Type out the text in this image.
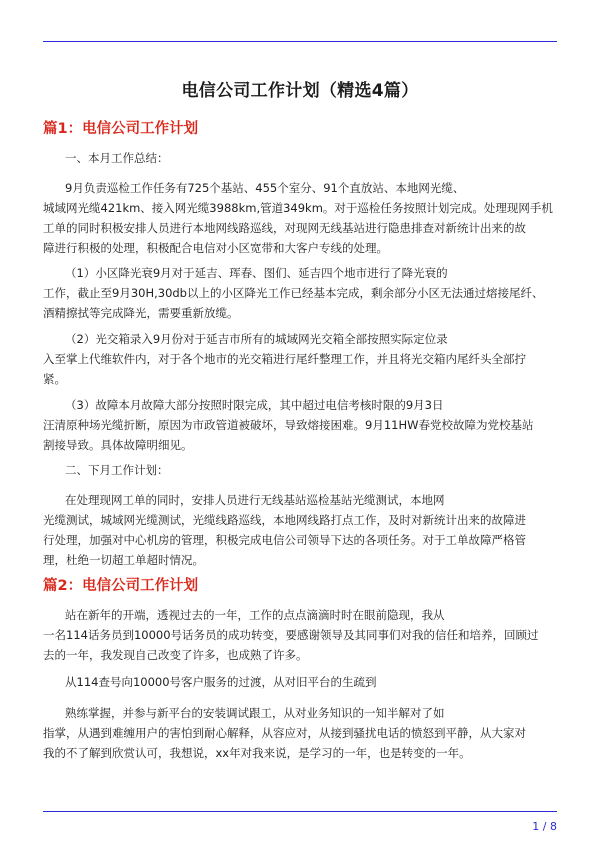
电信公司工作计划（精选4篇）
篇1：电信公司工作计划
一、本月工作总结：
9月负责巡检工作任务有725个基站、455个室分、91个直放站、本地网光缆、
城域网光缆421km、接入网光缆3988km,管道349km。对于巡检任务按照计划完成。处理现网手机
工单的同时积极安排人员进行本地网线路巡线，对现网无线基站进行隐患排查对新统计出来的故
障进行积极的处理，积极配合电信对小区宽带和大客户专线的处理。
（1）小区降光衰9月对于延吉、珲春、图们、延吉四个地市进行了降光衰的
工作，截止至9月30H,30db以上的小区降光工作已经基本完成，剩余部分小区无法通过熔接尾纤、
酒精擦拭等完成降光，需要重新放缆。
（2）光交箱录入9月份对于延吉市所有的城域网光交箱全部按照实际定位录
入至掌上代维软件内，对于各个地市的光交箱进行尾纤整理工作，并且将光交箱内尾纤头全部拧
紧。
（3）故障本月故障大部分按照时限完成，其中超过电信考核时限的9月3日
汪清原种场光缆折断，原因为市政管道被破坏，导致熔接困难。9月11HW春党校故障为党校基站
割接导致。具体故障明细见。
二、下月工作计划：
在处理现网工单的同时，安排人员进行无线基站巡检基站光缆测试，本地网
光缆测试，城域网光缆测试，光缆线路巡线，本地网线路打点工作，及时对新统计出来的故障进
行处理，加强对中心机房的管理，积极完成电信公司领导下达的各项任务。对于工单故障严格管
理，杜绝一切超工单超时情况。
篇2：电信公司工作计划
站在新年的开端，透视过去的一年，工作的点点滴滴时时在眼前隐现，我从
一名114话务员到10000号话务员的成功转变，要感谢领导及其同事们对我的信任和培养，回顾过
去的一年，我发现自己改变了许多，也成熟了许多。
从114查号向10000号客户服务的过渡，从对旧平台的生疏到
熟练掌握，并参与新平台的安装调试跟工，从对业务知识的一知半解对了如
指掌，从遇到难缠用户的害怕到耐心解释，从容应对，从接到骚扰电话的愤怒到平静，从大家对
我的不了解到欣赏认可，我想说，xx年对我来说，是学习的一年，也是转变的一年。
1 / 8
